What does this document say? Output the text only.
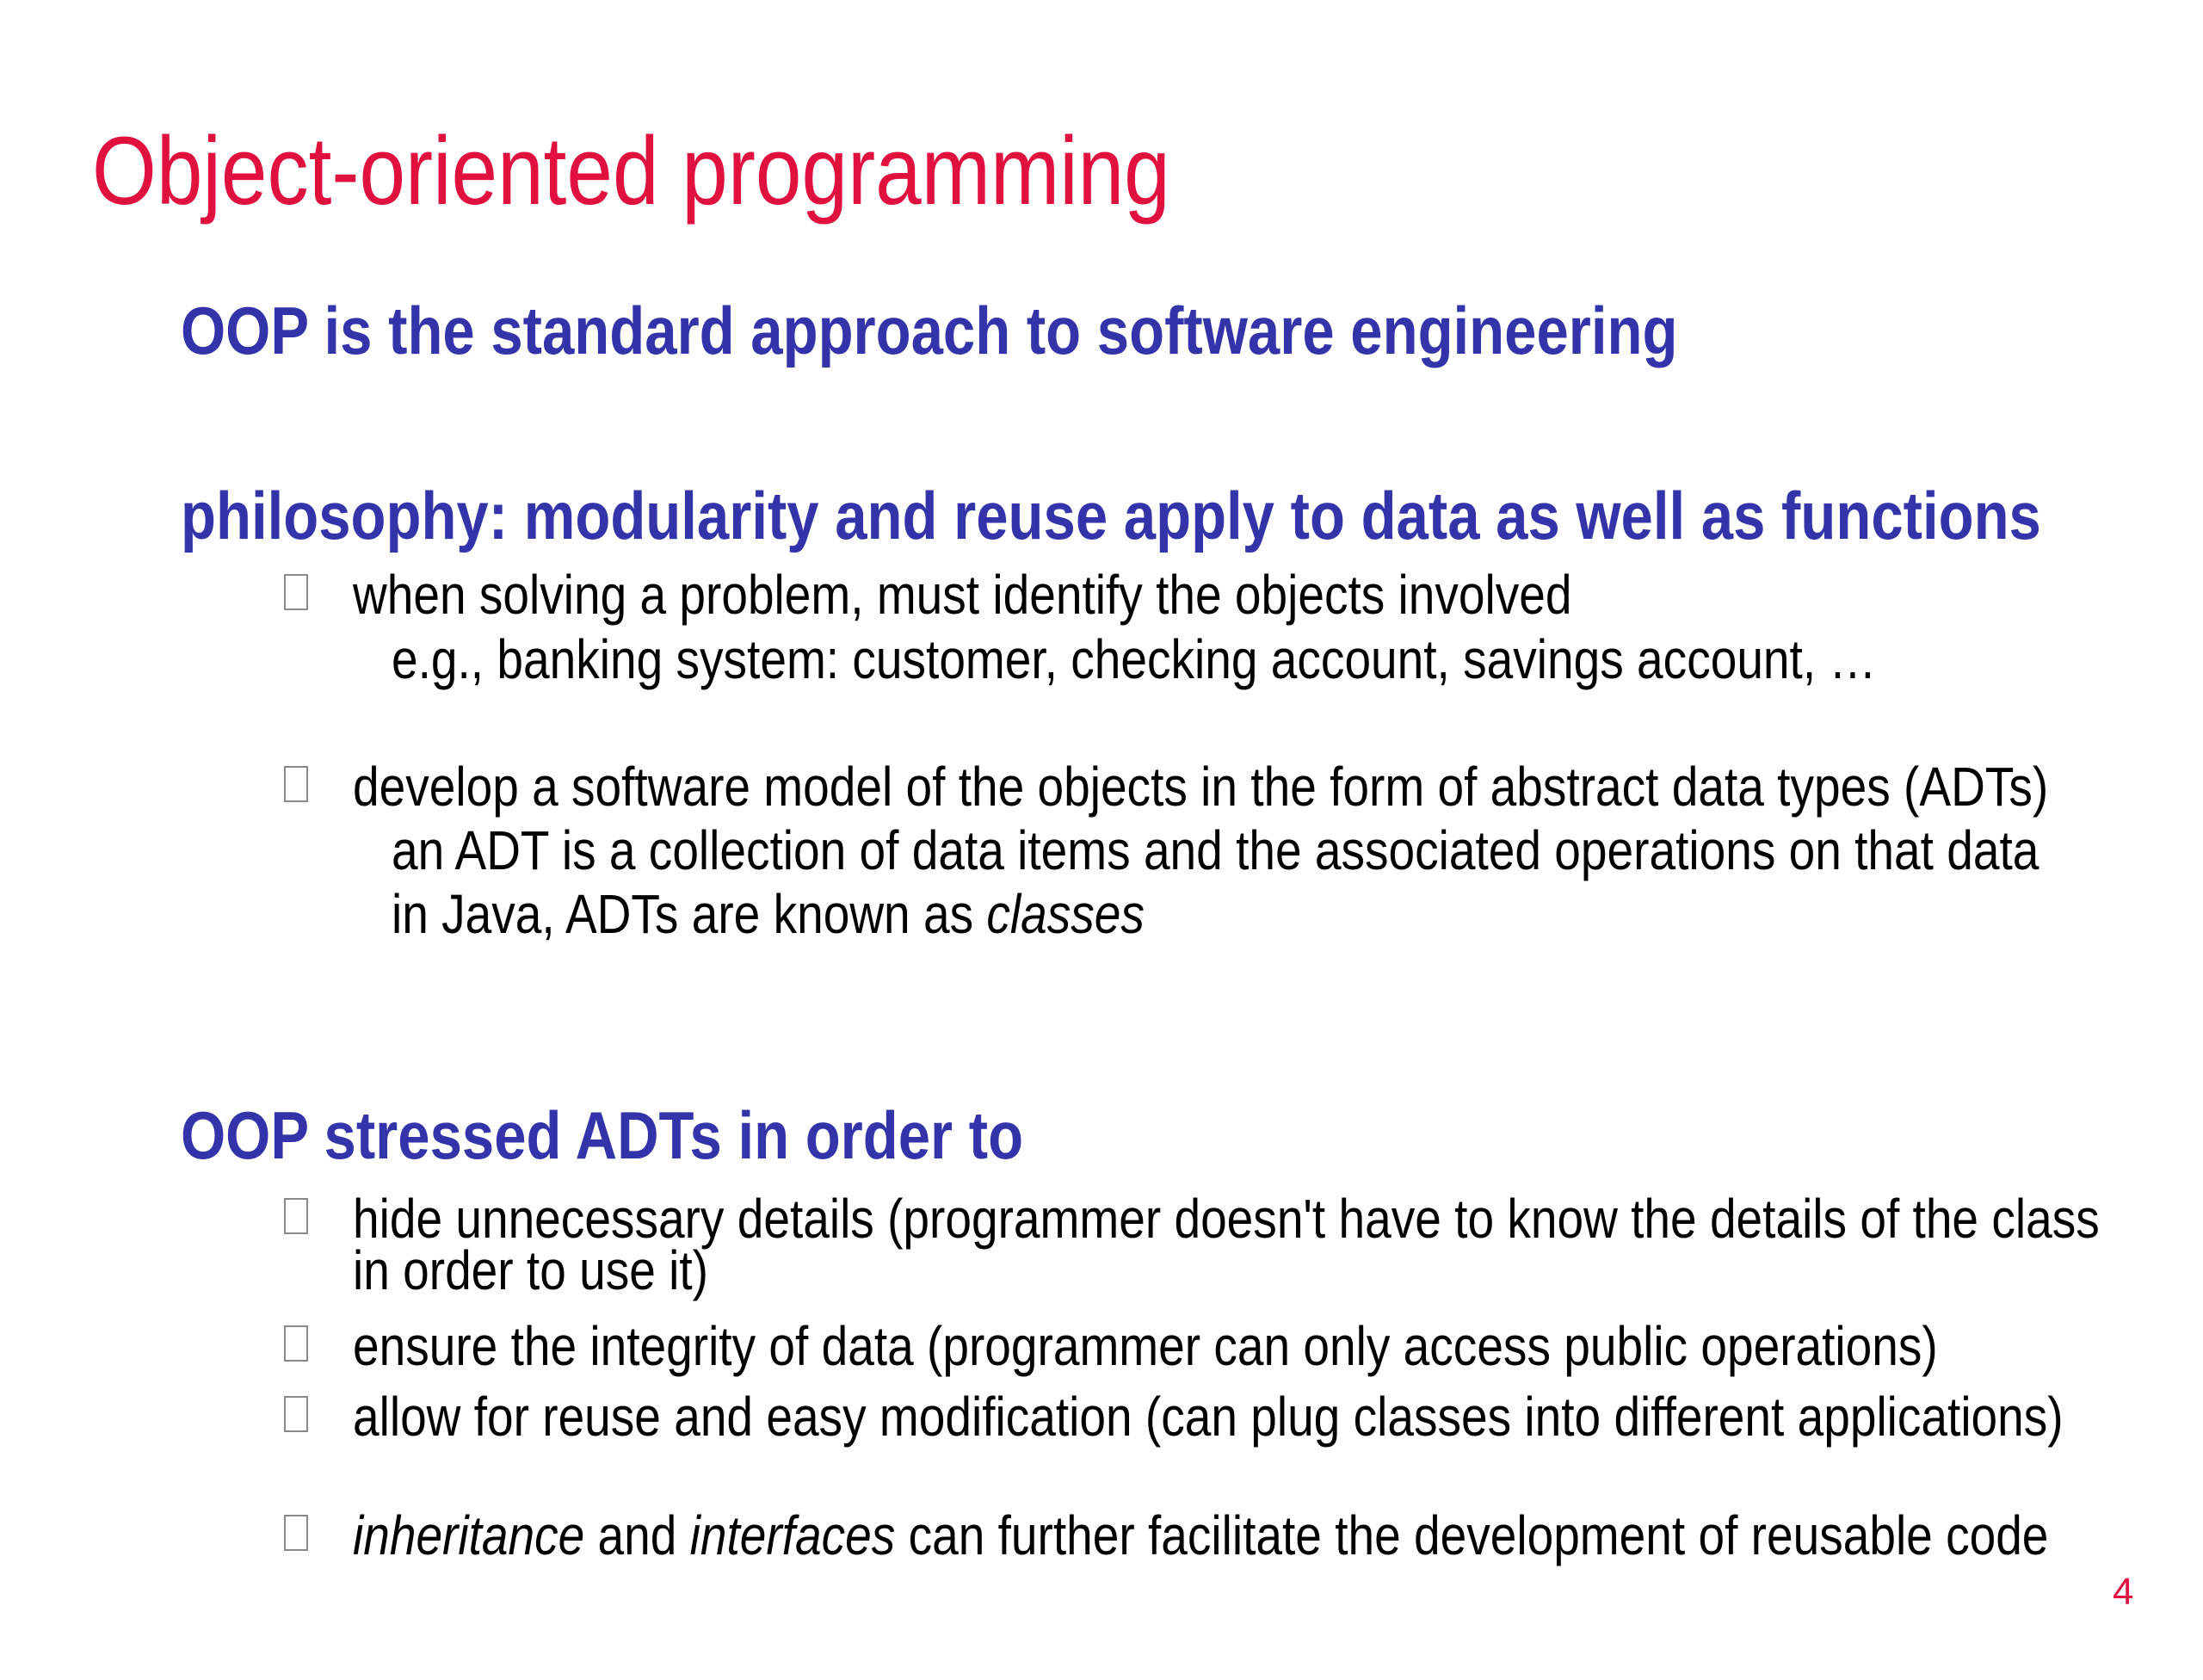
Object-oriented programming
OOP is the standard approach to software engineering
philosophy: modularity and reuse apply to data as well as functions

when solving a problem, must identify the objects involved

e.g., banking system: customer, checking account, savings account, …

develop a software model of the objects in the form of abstract data types (ADTs)

an ADT is a collection of data items and the associated operations on that data

in Java, ADTs are known as classes

OOP stressed ADTs in order to

hide unnecessary details (programmer doesn't have to know the details of the class

in order to use it)

ensure the integrity of data (programmer can only access public operations)

allow for reuse and easy modification (can plug classes into different applications)

inheritance and interfaces can further facilitate the development of reusable code

4
